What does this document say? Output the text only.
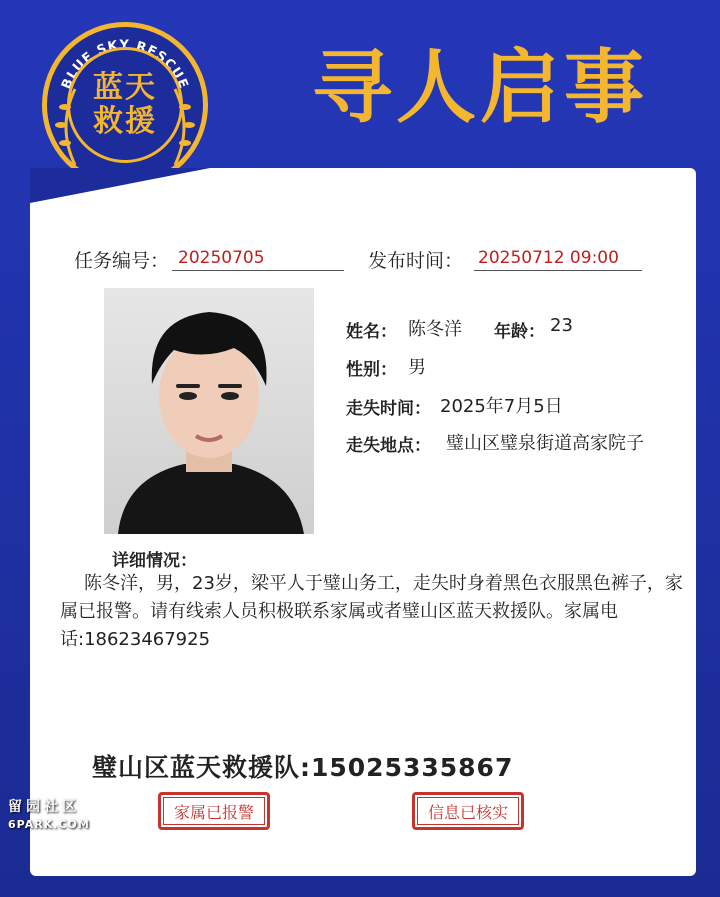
BLUE SKY RESCUE
蓝天
救援 寻人启事
任务编号： 20250705	发布时间： 20250712 09:00
姓名： 陈冬洋 年龄： 23
性别： 男
走失时间： 2025年7月5日
走失地点： 璧山区璧泉街道高家院子
详细情况：
陈冬洋，男，23岁，梁平人于璧山务工，走失时身着黑色衣服黑色裤子，家属已报警。请有线索人员积极联系家属或者璧山区蓝天救援队。家属电话:18623467925
璧山区蓝天救援队:15025335867
家属已报警	信息已核实
留园社区
6PARK.COM
